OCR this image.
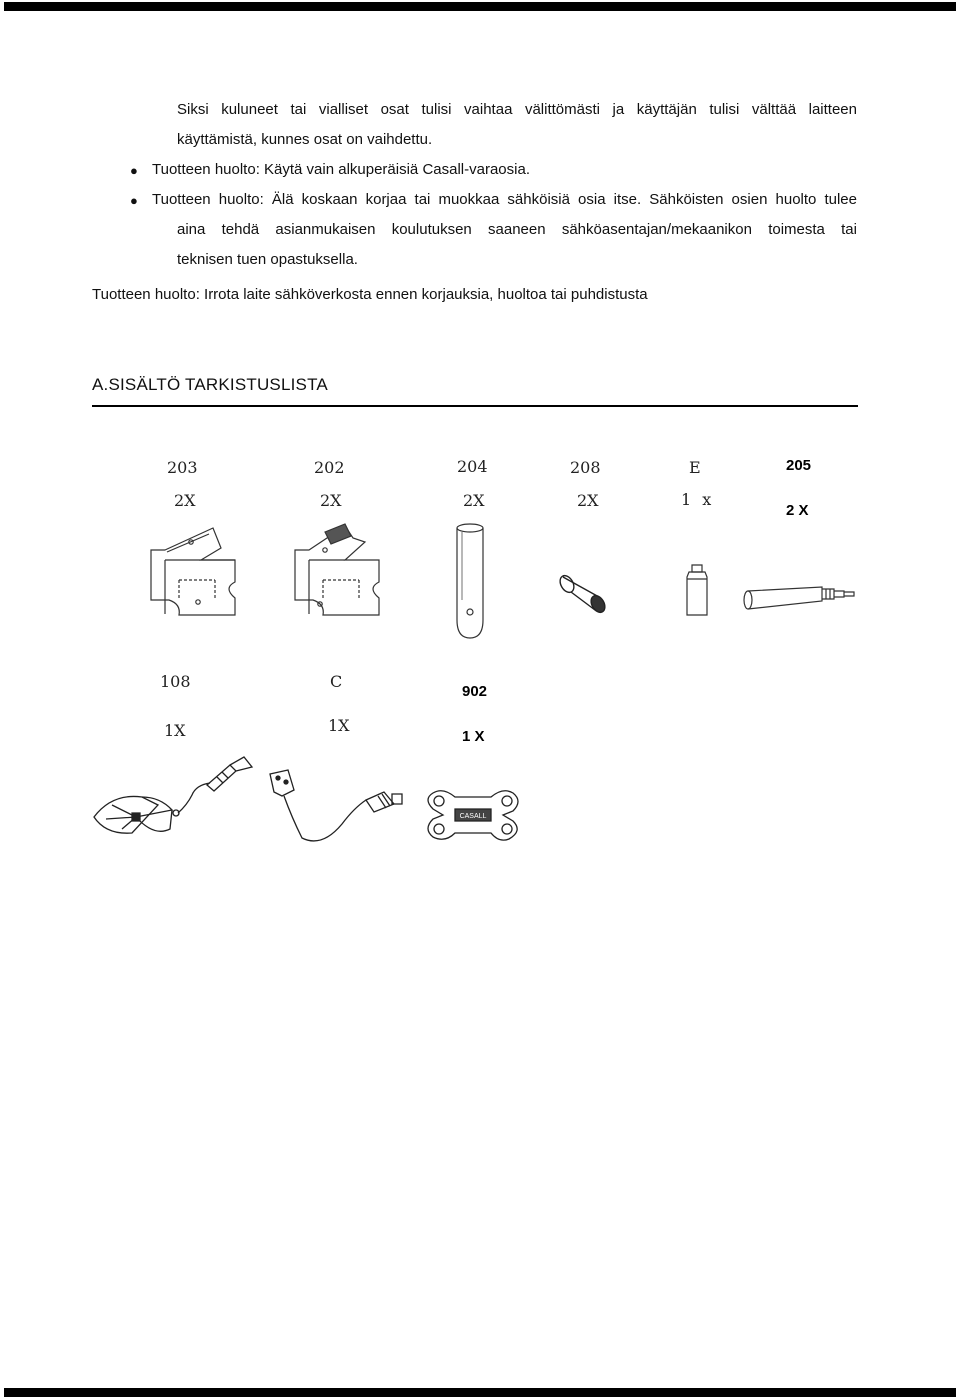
Siksi kuluneet tai vialliset osat tulisi vaihtaa välittömästi ja käyttäjän tulisi välttää laitteen
käyttämistä, kunnes osat on vaihdettu.
● Tuotteen huolto: Käytä vain alkuperäisiä Casall-varaosia.
● Tuotteen huolto: Älä koskaan korjaa tai muokkaa sähköisiä osia itse. Sähköisten osien huolto tulee
aina tehdä asianmukaisen koulutuksen saaneen sähköasentajan/mekaanikon toimesta tai
teknisen tuen opastuksella.
Tuotteen huolto: Irrota laite sähköverkosta ennen korjauksia, huoltoa tai puhdistusta
A.SISÄLTÖ TARKISTUSLISTA
203
2X
202
2X
204
2X
208
2X
E
1 x
205
2 X
108
1X
C
1X
902
1 X
CASALL
